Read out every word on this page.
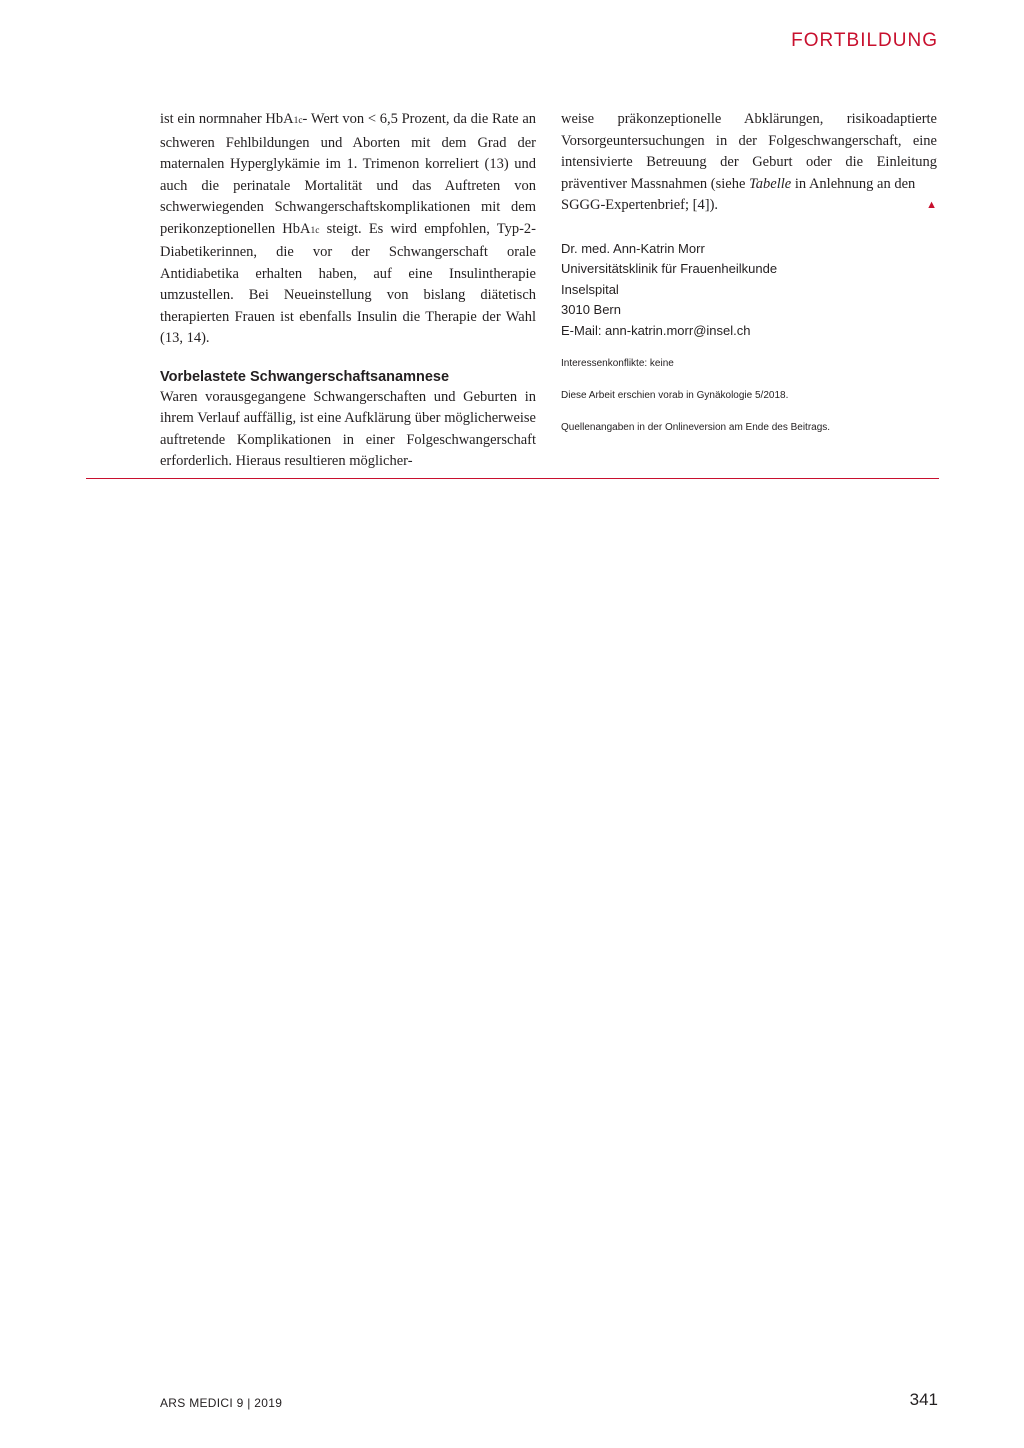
FORTBILDUNG

ist ein normnaher HbA1c- Wert von < 6,5 Prozent, da die Rate an schweren Fehlbildungen und Aborten mit dem Grad der maternalen Hyperglykämie im 1. Trimenon korreliert (13) und auch die perinatale Mortalität und das Auftreten von schwerwiegenden Schwangerschaftskomplikationen mit dem perikonzeptionellen HbA1c steigt. Es wird empfohlen, Typ-2-Diabetikerinnen, die vor der Schwangerschaft orale Antidiabetika erhalten haben, auf eine Insulintherapie umzustellen. Bei Neueinstellung von bislang diätetisch therapierten Frauen ist ebenfalls Insulin die Therapie der Wahl (13, 14).

Vorbelastete Schwangerschaftsanamnese

Waren vorausgegangene Schwangerschaften und Geburten in ihrem Verlauf auffällig, ist eine Aufklärung über möglicherweise auftretende Komplikationen in einer Folgeschwangerschaft erforderlich. Hieraus resultieren möglicher-

weise präkonzeptionelle Abklärungen, risikoadaptierte Vorsorgeuntersuchungen in der Folgeschwangerschaft, eine intensivierte Betreuung der Geburt oder die Einleitung präventiver Massnahmen (siehe Tabelle in Anlehnung an den

SGGG-Expertenbrief; [4]).	▲
Dr. med. Ann-Katrin Morr
Universitätsklinik für Frauenheilkunde
Inselspital
3010 Bern
E-Mail: ann-katrin.morr@insel.ch

Interessenkonflikte: keine

Diese Arbeit erschien vorab in Gynäkologie 5/2018.

Quellenangaben in der Onlineversion am Ende des Beitrags.

ARS MEDICI 9 | 2019	341
